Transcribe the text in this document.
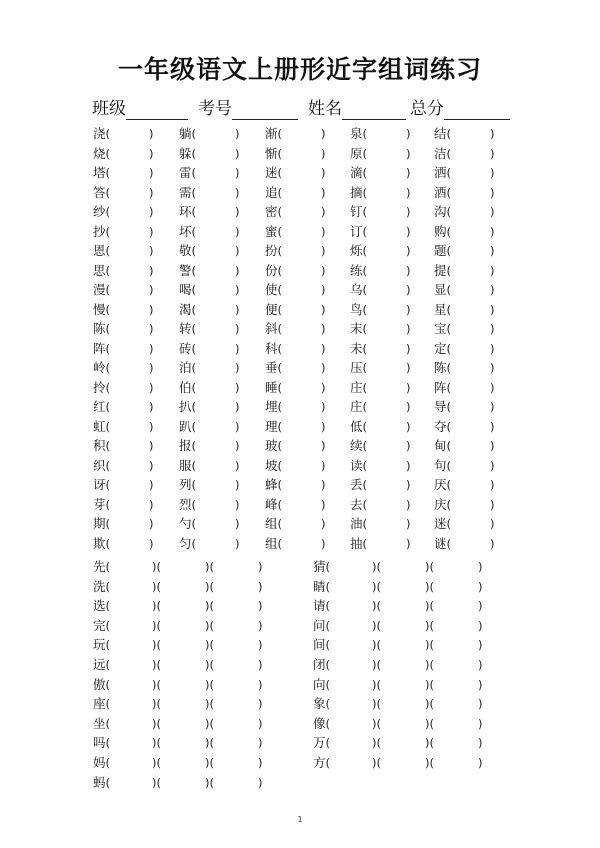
一年级语文上册形近字组词练习
班级	考号	姓名	总分
浇(	) 躺(	) 渐(	) 泉(	) 结(	)
烧(	) 躲(	) 惭(	) 原(	) 洁(	)
塔(	) 雷(	) 迷(	) 滴(	) 洒(	)
答(	) 需(	) 追(	) 摘(	) 酒(	)
纱(	) 环(	) 密(	) 钉(	) 沟(	)
抄(	) 坏(	) 蜜(	) 订(	) 购(	)
恩(	) 敬(	) 扮(	) 烁(	) 题(	)
思(	) 警(	) 份(	) 练(	) 提(	)
漫(	) 喝(	) 使(	) 乌(	) 显(	)
慢(	) 渴(	) 便(	) 鸟(	) 星(	)
陈(	) 转(	) 斜(	) 末(	) 宝(	)
阵(	) 砖(	) 科(	) 未(	) 定(	)
岭(	) 泊(	) 垂(	) 压(	) 陈(	)
拎(	) 伯(	) 睡(	) 庄(	) 阵(	)
红(	) 扒(	) 埋(	) 庄(	) 导(	)
虹(	) 趴(	) 理(	) 低(	) 夺(	)
积(	) 报(	) 玻(	) 续(	) 甸(	)
织(	) 服(	) 坡(	) 读(	) 句(	)
讶(	) 列(	) 蜂(	) 丢(	) 厌(	)
芽(	) 烈(	) 峰(	) 去(	) 庆(	)
期(	) 勺(	) 组(	) 油(	) 迷(	)
欺(	) 匀(	) 组(	) 抽(	) 谜(	)
先(	)(	)(	)	猜(	)(	)(	)
洗(	)(	)(	)	睛(	)(	)(	)
选(	)(	)(	)	请(	)(	)(	)
完(	)(	)(	)	问(	)(	)(	)
玩(	)(	)(	)	间(	)(	)(	)
远(	)(	)(	)	闭(	)(	)(	)
傲(	)(	)(	)	向(	)(	)(	)
座(	)(	)(	)	象(	)(	)(	)
坐(	)(	)(	)	像(	)(	)(	)
吗(	)(	)(	)	万(	)(	)(	)
妈(	)(	)(	)	方(	)(	)(	)
蚂(	)(	)(	)
1
